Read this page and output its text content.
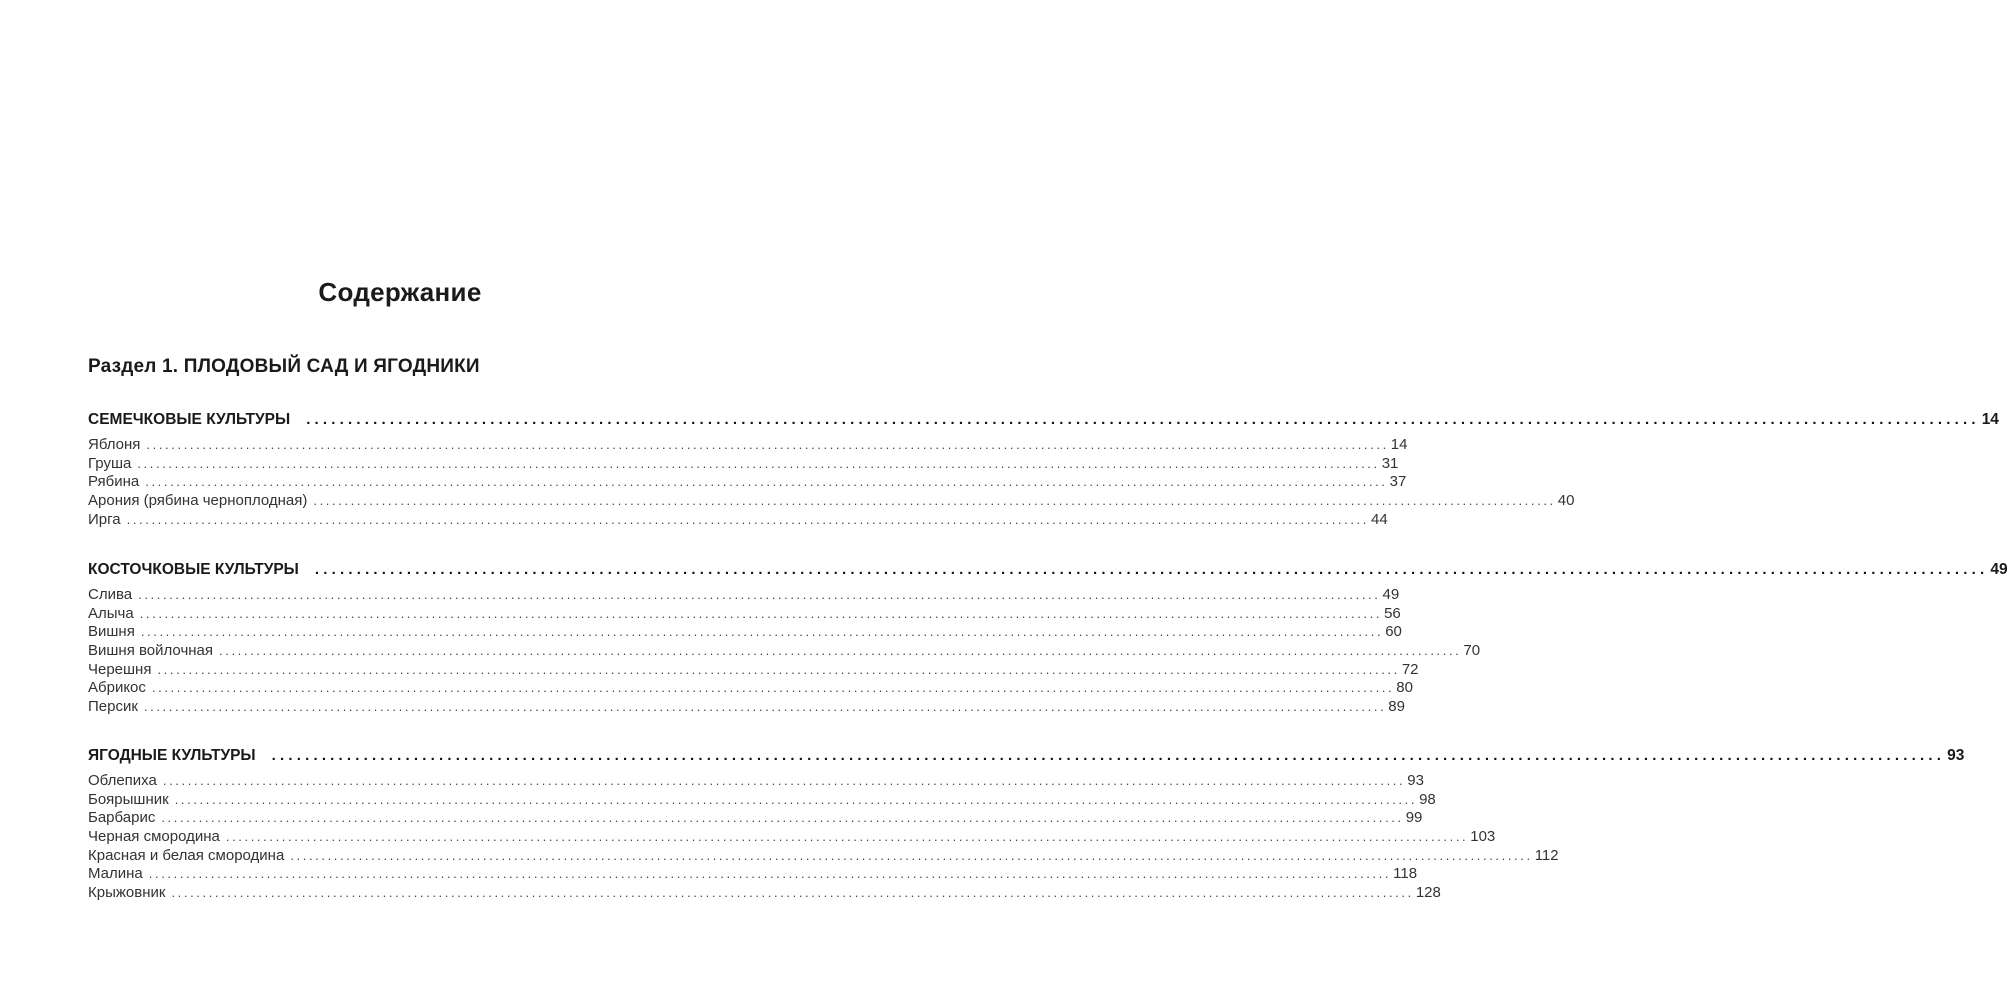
Содержание
Раздел 1. ПЛОДОВЫЙ САД И ЯГОДНИКИ
СЕМЕЧКОВЫЕ КУЛЬТУРЫ	........................................................................................................................................................................................................ 14
Яблоня ........................................................................................................................................................................................................ 14
Груша ........................................................................................................................................................................................................ 31
Рябина ........................................................................................................................................................................................................ 37
Арония (рябина черноплодная) ........................................................................................................................................................................................................ 40
Ирга ........................................................................................................................................................................................................ 44
КОСТОЧКОВЫЕ КУЛЬТУРЫ	........................................................................................................................................................................................................ 49
Слива ........................................................................................................................................................................................................ 49
Алыча ........................................................................................................................................................................................................ 56
Вишня ........................................................................................................................................................................................................ 60
Вишня войлочная ........................................................................................................................................................................................................ 70
Черешня ........................................................................................................................................................................................................ 72
Абрикос ........................................................................................................................................................................................................ 80
Персик ........................................................................................................................................................................................................ 89
ЯГОДНЫЕ КУЛЬТУРЫ	........................................................................................................................................................................................................ 93
Облепиха ........................................................................................................................................................................................................ 93
Боярышник ........................................................................................................................................................................................................ 98
Барбарис ........................................................................................................................................................................................................ 99
Черная смородина ........................................................................................................................................................................................................ 103
Красная и белая смородина ........................................................................................................................................................................................................ 112
Малина ........................................................................................................................................................................................................ 118
Крыжовник ........................................................................................................................................................................................................ 128
